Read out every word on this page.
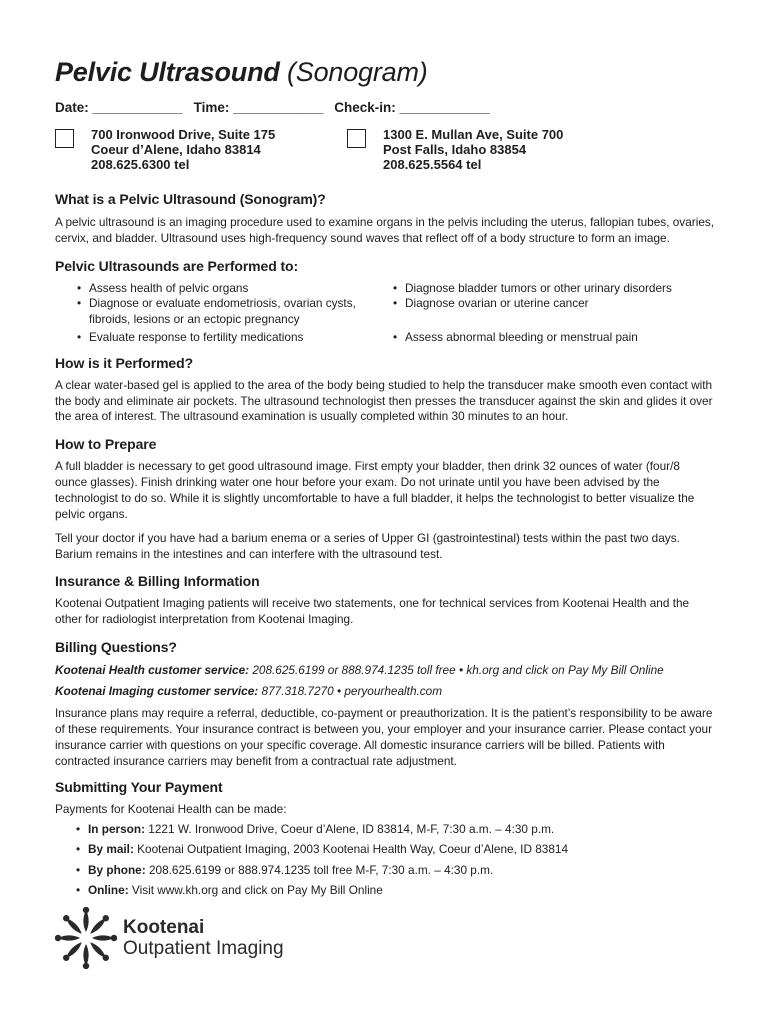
Pelvic Ultrasound (Sonogram)
Date: ____________ Time: ____________ Check-in: ____________
700 Ironwood Drive, Suite 175
Coeur d’Alene, Idaho 83814
208.625.6300 tel
1300 E. Mullan Ave, Suite 700
Post Falls, Idaho 83854
208.625.5564 tel
What is a Pelvic Ultrasound (Sonogram)?

A pelvic ultrasound is an imaging procedure used to examine organs in the pelvis including the uterus, fallopian tubes, ovaries, cervix, and bladder. Ultrasound uses high-frequency sound waves that reflect off of a body structure to form an image.

Pelvic Ultrasounds are Performed to:
• Assess health of pelvic organs	• Diagnose bladder tumors or other urinary disorders
• Diagnose or evaluate endometriosis, ovarian cysts, fibroids, lesions or an ectopic pregnancy
• Diagnose ovarian or uterine cancer
• Evaluate response to fertility medications	• Assess abnormal bleeding or menstrual pain
How is it Performed?

A clear water-based gel is applied to the area of the body being studied to help the transducer make smooth even contact with the body and eliminate air pockets. The ultrasound technologist then presses the transducer against the skin and glides it over the area of interest. The ultrasound examination is usually completed within 30 minutes to an hour.

How to Prepare

A full bladder is necessary to get good ultrasound image. First empty your bladder, then drink 32 ounces of water (four/8 ounce glasses). Finish drinking water one hour before your exam. Do not urinate until you have been advised by the technologist to do so. While it is slightly uncomfortable to have a full bladder, it helps the technologist to better visualize the pelvic organs.

Tell your doctor if you have had a barium enema or a series of Upper GI (gastrointestinal) tests within the past two days. Barium remains in the intestines and can interfere with the ultrasound test.

Insurance & Billing Information

Kootenai Outpatient Imaging patients will receive two statements, one for technical services from Kootenai Health and the other for radiologist interpretation from Kootenai Imaging.

Billing Questions?

Kootenai Health customer service: 208.625.6199 or 888.974.1235 toll free • kh.org and click on Pay My Bill Online

Kootenai Imaging customer service: 877.318.7270 • peryourhealth.com

Insurance plans may require a referral, deductible, co-payment or preauthorization. It is the patient’s responsibility to be aware of these requirements. Your insurance contract is between you, your employer and your insurance carrier. Please contact your insurance carrier with questions on your specific coverage. All domestic insurance carriers will be billed. Patients with contracted insurance carriers may benefit from a contractual rate adjustment.

Submitting Your Payment

Payments for Kootenai Health can be made:

• In person: 1221 W. Ironwood Drive, Coeur d’Alene, ID 83814, M-F, 7:30 a.m. – 4:30 p.m.
• By mail: Kootenai Outpatient Imaging, 2003 Kootenai Health Way, Coeur d’Alene, ID 83814
• By phone: 208.625.6199 or 888.974.1235 toll free M-F, 7:30 a.m. – 4:30 p.m.
• Online: Visit www.kh.org and click on Pay My Bill Online
Kootenai
Outpatient Imaging
